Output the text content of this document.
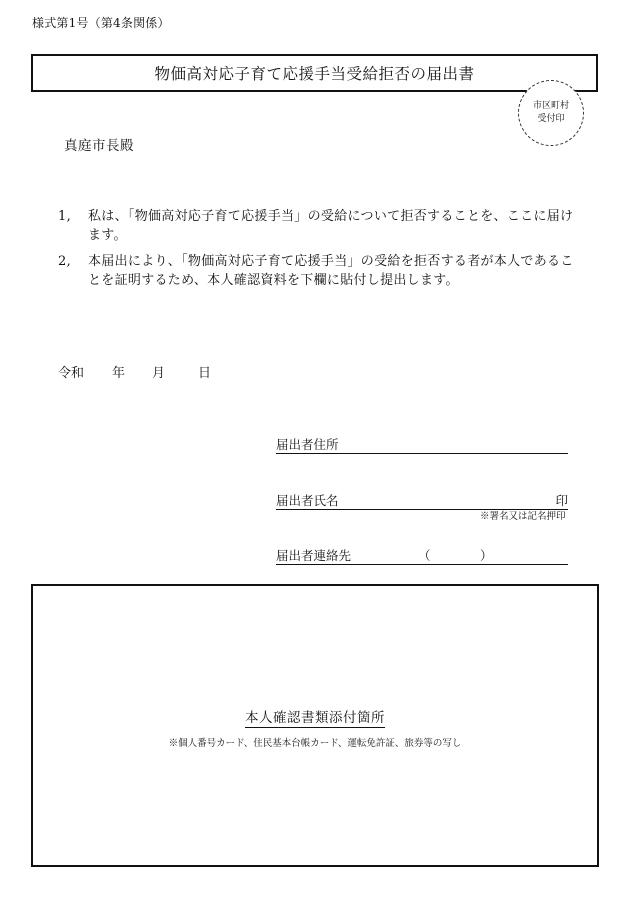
様式第1号（第4条関係）
物価高対応子育て応援手当受給拒否の届出書
市区町村
受付印
真庭市長殿
1,	私は、「物価高対応子育て応援手当」の受給について拒否することを、ここに届けます。
2,	本届出により、「物価高対応子育て応援手当」の受給を拒否する者が本人であることを証明するため、本人確認資料を下欄に貼付し提出します。
令和	年	月	日
届出者住所
届出者氏名	印
※署名又は記名押印
届出者連絡先	（	）
本人確認書類添付箇所
※個人番号カード、住民基本台帳カード、運転免許証、旅券等の写し
